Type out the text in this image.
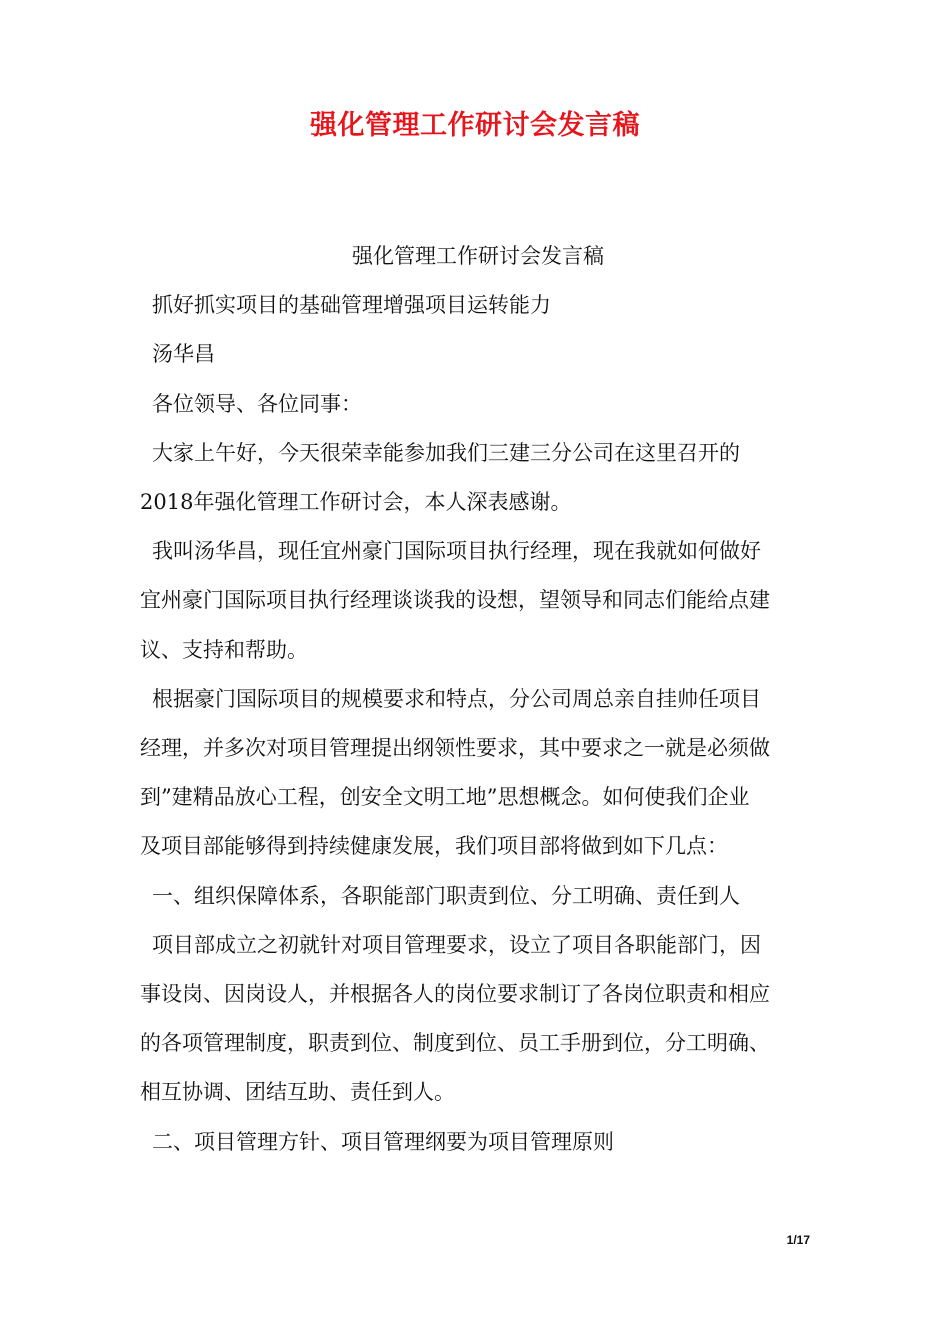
强化管理工作研讨会发言稿

强化管理工作研讨会发言稿

抓好抓实项目的基础管理增强项目运转能力

汤华昌

各位领导、各位同事：

大家上午好，今天很荣幸能参加我们三建三分公司在这里召开的

2018年强化管理工作研讨会，本人深表感谢。

我叫汤华昌，现任宜州豪门国际项目执行经理，现在我就如何做好

宜州豪门国际项目执行经理谈谈我的设想，望领导和同志们能给点建

议、支持和帮助。

根据豪门国际项目的规模要求和特点，分公司周总亲自挂帅任项目

经理，并多次对项目管理提出纲领性要求，其中要求之一就是必须做

到”建精品放心工程，创安全文明工地”思想概念。如何使我们企业

及项目部能够得到持续健康发展，我们项目部将做到如下几点：

一、组织保障体系，各职能部门职责到位、分工明确、责任到人

项目部成立之初就针对项目管理要求，设立了项目各职能部门，因

事设岗、因岗设人，并根据各人的岗位要求制订了各岗位职责和相应

的各项管理制度，职责到位、制度到位、员工手册到位，分工明确、

相互协调、团结互助、责任到人。

二、项目管理方针、项目管理纲要为项目管理原则

1/17
